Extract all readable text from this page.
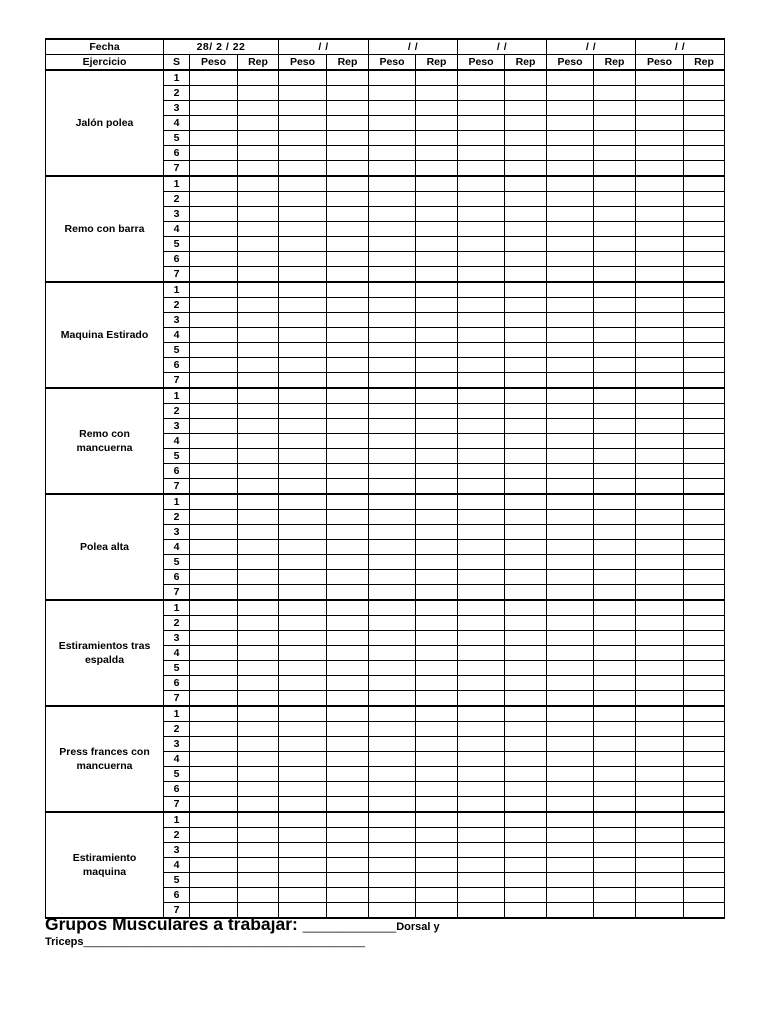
Fecha	28/ 2 / 22			/ /		/ /		/ /		/ /		/ /	
Ejercicio	S	Peso	Rep	Peso	Rep	Peso	Rep	Peso	Rep	Peso	Rep	Peso	Rep
Jalón polea	1												
	2												
	3												
	4												
	5												
	6												
	7												
Remo con barra	1												
	2												
	3												
	4												
	5												
	6												
	7												
Maquina Estirado	1												
	2												
	3												
	4												
	5												
	6												
	7												
Remo con mancuerna	1												
	2												
	3												
	4												
	5												
	6												
	7												
Polea alta	1												
	2												
	3												
	4												
	5												
	6												
	7												
Estiramientos tras espalda	1												
	2												
	3												
	4												
	5												
	6												
	7												
Press frances con mancuerna	1												
	2												
	3												
	4												
	5												
	6												
	7												
Estiramiento maquina	1												
	2												
	3												
	4												
	5												
	6												
	7												
Grupos Musculares a trabajar: ______________Dorsal y
Triceps______________________________________________
